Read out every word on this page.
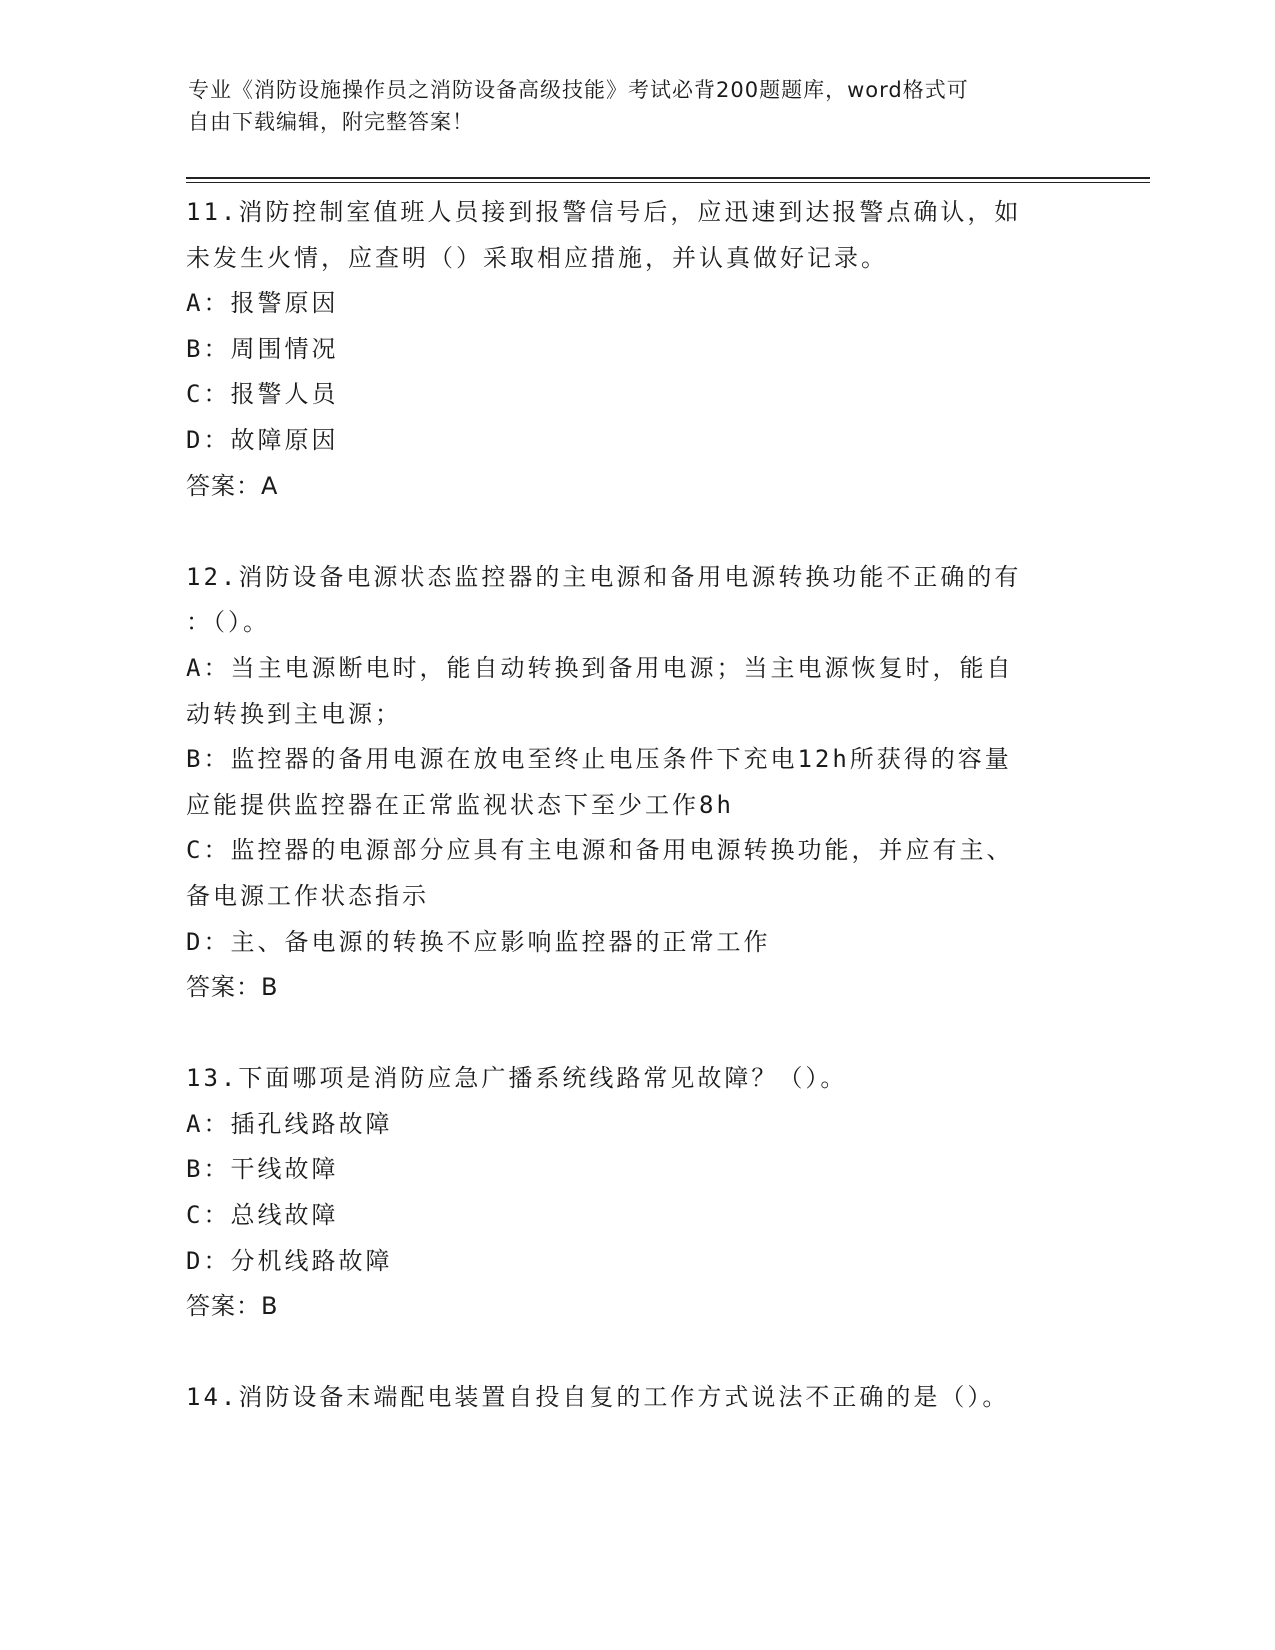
专业《消防设施操作员之消防设备高级技能》考试必背200题题库，word格式可
自由下载编辑，附完整答案！
11.消防控制室值班人员接到报警信号后，应迅速到达报警点确认，如
未发生火情，应查明（）采取相应措施，并认真做好记录。
A：报警原因
B：周围情况
C：报警人员
D：故障原因
答案：A
12.消防设备电源状态监控器的主电源和备用电源转换功能不正确的有
：（）。
A：当主电源断电时，能自动转换到备用电源；当主电源恢复时，能自
动转换到主电源；
B：监控器的备用电源在放电至终止电压条件下充电12h所获得的容量
应能提供监控器在正常监视状态下至少工作8h
C：监控器的电源部分应具有主电源和备用电源转换功能，并应有主、
备电源工作状态指示
D：主、备电源的转换不应影响监控器的正常工作
答案：B
13.下面哪项是消防应急广播系统线路常见故障？（）。
A：插孔线路故障
B：干线故障
C：总线故障
D：分机线路故障
答案：B
14.消防设备末端配电装置自投自复的工作方式说法不正确的是（）。
